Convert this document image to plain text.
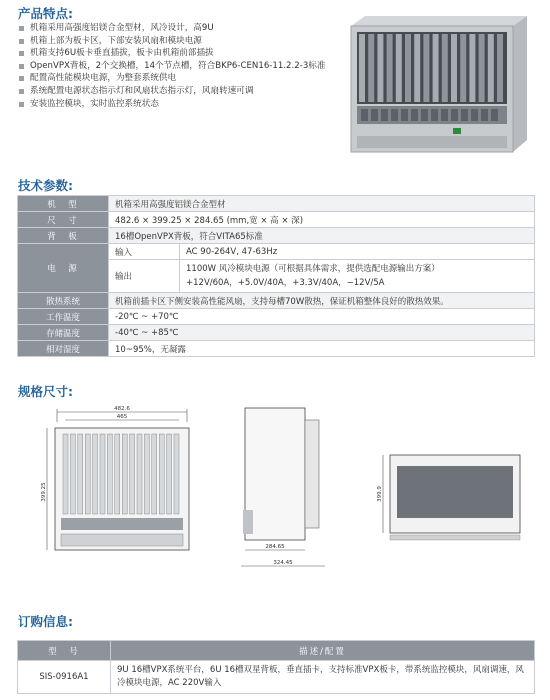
产品特点:
机箱采用高强度铝镁合金型材，风冷设计，高9U
机箱上部为板卡区，下部安装风扇和模块电源
机箱支持6U板卡垂直插拔，板卡由机箱前部插拔
OpenVPX背板，2个交换槽，14个节点槽，符合BKP6-CEN16-11.2.2-3标准
配置高性能模块电源，为整套系统供电
系统配置电源状态指示灯和风扇状态指示灯，风扇转速可调
安装监控模块，实时监控系统状态
技术参数:
机　型	机箱采用高强度铝镁合金型材	
尺　寸	482.6 × 399.25 × 284.65 (mm,宽 × 高 × 深)	
背　板	16槽OpenVPX背板，符合VITA65标准	
电　源	输入	AC 90-264V, 47-63Hz
	输出	1100W 风冷模块电源（可根据具体需求，提供选配电源输出方案）
+12V/60A，+5.0V/40A，+3.3V/40A，−12V/5A

散热系统	机箱前插卡区下侧安装高性能风扇，支持每槽70W散热，保证机箱整体良好的散热效果。	
工作温度	-20℃ ~ +70℃	
存储温度	-40℃ ~ +85℃	
相对湿度	10~95%，无凝露	
规格尺寸:
482.6
465
399.25
284.65
324.45
399.9
订购信息:
型　号	描述/配置
SIS-0916A1	9U 16槽VPX系统平台，6U 16槽双星背板，垂直插卡，支持标准VPX板卡，带系统监控模块，风扇调速，风冷模块电源，AC 220V输入
